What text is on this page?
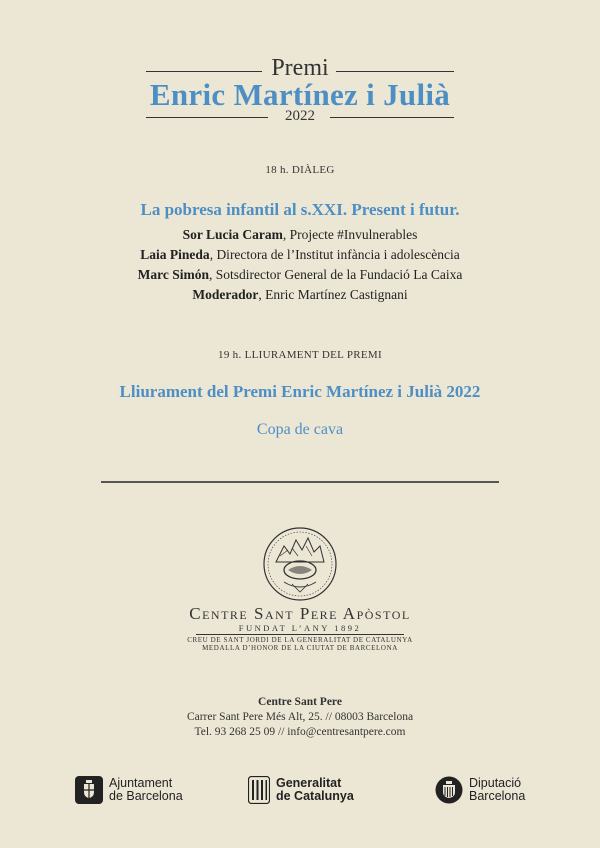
Premi
Enric Martínez i Julià
2022
18 h. DIÀLEG
La pobresa infantil al s.XXI. Present i futur.
Sor Lucia Caram, Projecte #Invulnerables
Laia Pineda, Directora de l’Institut infància i adolescència
Marc Simón, Sotsdirector General de la Fundació La Caixa
Moderador, Enric Martínez Castignani
19 h. LLIURAMENT DEL PREMI
Lliurament del Premi Enric Martínez i Julià 2022
Copa de cava
Centre Sant Pere Apòstol
FUNDAT L’ANY 1892
CREU DE SANT JORDI DE LA GENERALITAT DE CATALUNYA
MEDALLA D’HONOR DE LA CIUTAT DE BARCELONA
Centre Sant Pere
Carrer Sant Pere Més Alt, 25. // 08003 Barcelona
Tel. 93 268 25 09 // info@centresantpere.com
Ajuntament
de Barcelona
Generalitat
de Catalunya
Diputació
Barcelona
